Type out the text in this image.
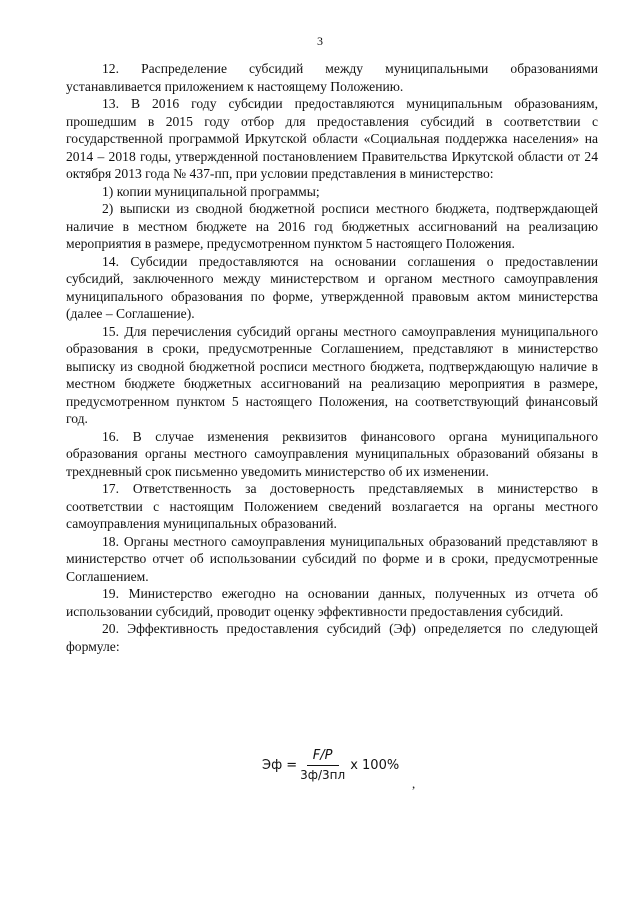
3

12. Распределение субсидий между муниципальными образованиями устанавливается приложением к настоящему Положению.

13. В 2016 году субсидии предоставляются муниципальным образованиям, прошедшим в 2015 году отбор для предоставления субсидий в соответствии с государственной программой Иркутской области «Социальная поддержка населения» на 2014 – 2018 годы, утвержденной постановлением Правительства Иркутской области от 24 октября 2013 года № 437-пп, при условии представления в министерство:

1) копии муниципальной программы;

2) выписки из сводной бюджетной росписи местного бюджета, подтверждающей наличие в местном бюджете на 2016 год бюджетных ассигнований на реализацию мероприятия в размере, предусмотренном пунктом 5 настоящего Положения.

14. Субсидии предоставляются на основании соглашения о предоставлении субсидий, заключенного между министерством и органом местного самоуправления муниципального образования по форме, утвержденной правовым актом министерства (далее – Соглашение).

15. Для перечисления субсидий органы местного самоуправления муниципального образования в сроки, предусмотренные Соглашением, представляют в министерство выписку из сводной бюджетной росписи местного бюджета, подтверждающую наличие в местном бюджете бюджетных ассигнований на реализацию мероприятия в размере, предусмотренном пунктом 5 настоящего Положения, на соответствующий финансовый год.

16. В случае изменения реквизитов финансового органа муниципального образования органы местного самоуправления муниципальных образований обязаны в трехдневный срок письменно уведомить министерство об их изменении.

17. Ответственность за достоверность представляемых в министерство в соответствии с настоящим Положением сведений возлагается на органы местного самоуправления муниципальных образований.

18. Органы местного самоуправления муниципальных образований представляют в министерство отчет об использовании субсидий по форме и в сроки, предусмотренные Соглашением.

19. Министерство ежегодно на основании данных, полученных из отчета об использовании субсидий, проводит оценку эффективности предоставления субсидий.

20. Эффективность предоставления субсидий (Эф) определяется по следующей формуле:

Эф = $\frac{F/P}{3ф/3пл}$ х 100%
,
